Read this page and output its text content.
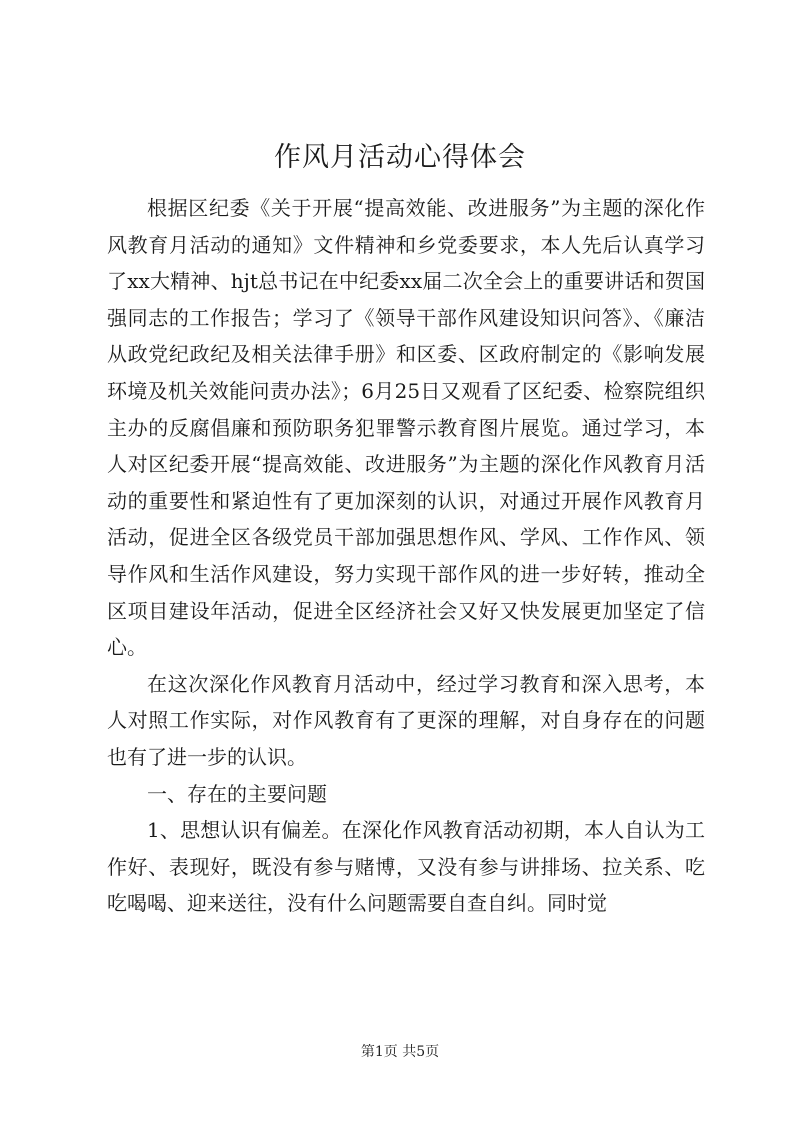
作风月活动心得体会

根据区纪委《关于开展“提高效能、改进服务”为主题的深化作风教育月活动的通知》文件精神和乡党委要求，本人先后认真学习了xx大精神、hjt总书记在中纪委xx届二次全会上的重要讲话和贺国强同志的工作报告；学习了《领导干部作风建设知识问答》、《廉洁从政党纪政纪及相关法律手册》和区委、区政府制定的《影响发展环境及机关效能问责办法》；6月25日又观看了区纪委、检察院组织主办的反腐倡廉和预防职务犯罪警示教育图片展览。通过学习，本人对区纪委开展“提高效能、改进服务”为主题的深化作风教育月活动的重要性和紧迫性有了更加深刻的认识，对通过开展作风教育月活动，促进全区各级党员干部加强思想作风、学风、工作作风、领导作风和生活作风建设，努力实现干部作风的进一步好转，推动全区项目建设年活动，促进全区经济社会又好又快发展更加坚定了信心。

在这次深化作风教育月活动中，经过学习教育和深入思考，本人对照工作实际，对作风教育有了更深的理解，对自身存在的问题也有了进一步的认识。

一、存在的主要问题

1、思想认识有偏差。在深化作风教育活动初期，本人自认为工作好、表现好，既没有参与赌博，又没有参与讲排场、拉关系、吃吃喝喝、迎来送往，没有什么问题需要自查自纠。同时觉

第1页 共5页
